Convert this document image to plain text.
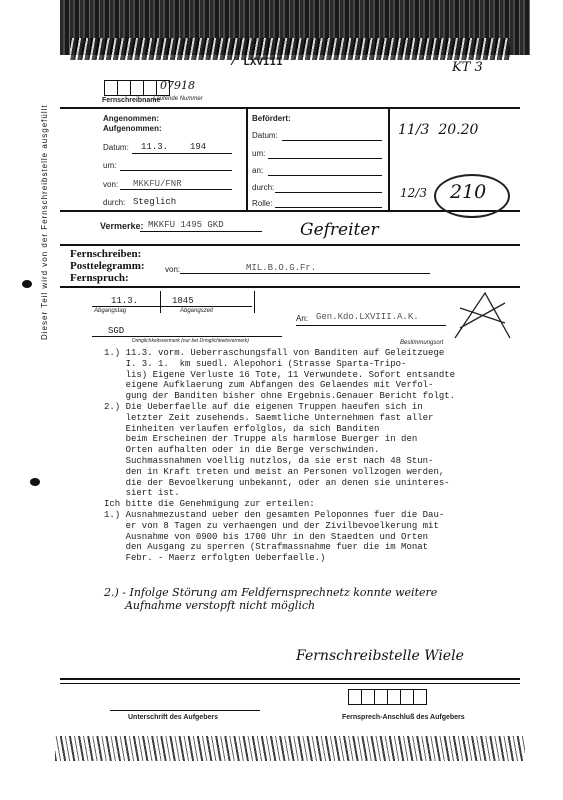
Dieser Teil wird von der Fernschreibstelle ausgefüllt
/ LXVIII	KT 3
07918
Fernschreibname
Laufende Nummer
Angenommen:
Aufgenommen:
Datum: 11.3. 194
um:
von: MKKFU/FNR
durch: Steglich
Befördert:
Datum:
um:
an:
durch:
Rolle:
11/3  20.20
12/3 210
Vermerke: MKKFU 1495 GKD	Gefreiter
Fernschreiben:
Posttelegramm:
Fernspruch:
von:	MIL.B.O.G.Fr.
11.3.	1845
Abgangstag	Abgangszeit
An: Gen.Kdo.LXVIII.A.K.
Bestimmungsort
SGD
Dringlichkeitsvermerk (nur bei Dringlichkeitsvermerk)
1.) 11.3. vorm. Ueberraschungsfall von Banditen auf Geleitzuege
I. 3. 1.  km suedl. Alepohori (Strasse Sparta-Tripo-
lis) Eigene Verluste 16 Tote, 11 Verwundete. Sofort entsandte
eigene Aufklaerung zum Abfangen des Gelaendes mit Verfol-
gung der Banditen bisher ohne Ergebnis.Genauer Bericht folgt.
2.) Die Ueberfaelle auf die eigenen Truppen haeufen sich in
letzter Zeit zusehends. Saemtliche Unternehmen fast aller
Einheiten verlaufen erfolglos, da sich Banditen
beim Erscheinen der Truppe als harmlose Buerger in den
Orten aufhalten oder in die Berge verschwinden.
Suchmassnahmen voellig nutzlos, da sie erst nach 48 Stun-
den in Kraft treten und meist an Personen vollzogen werden,
die der Bevoelkerung unbekannt, oder an denen sie uninteres-
siert ist.
Ich bitte die Genehmigung zur erteilen:
1.) Ausnahmezustand ueber den gesamten Peloponnes fuer die Dau-
er von 8 Tagen zu verhaengen und der Zivilbevoelkerung mit
Ausnahme von 0900 bis 1700 Uhr in den Staedten und Orten
den Ausgang zu sperren (Strafmassnahme fuer die im Monat
Febr. - Maerz erfolgten Ueberfaelle.)
2.) - Infolge Störung am Feldfernsprechnetz konnte weitere
Aufnahme verstopft nicht möglich
Fernschreibstelle Wiele
Unterschrift des Aufgebers	Fernsprech-Anschluß des Aufgebers
